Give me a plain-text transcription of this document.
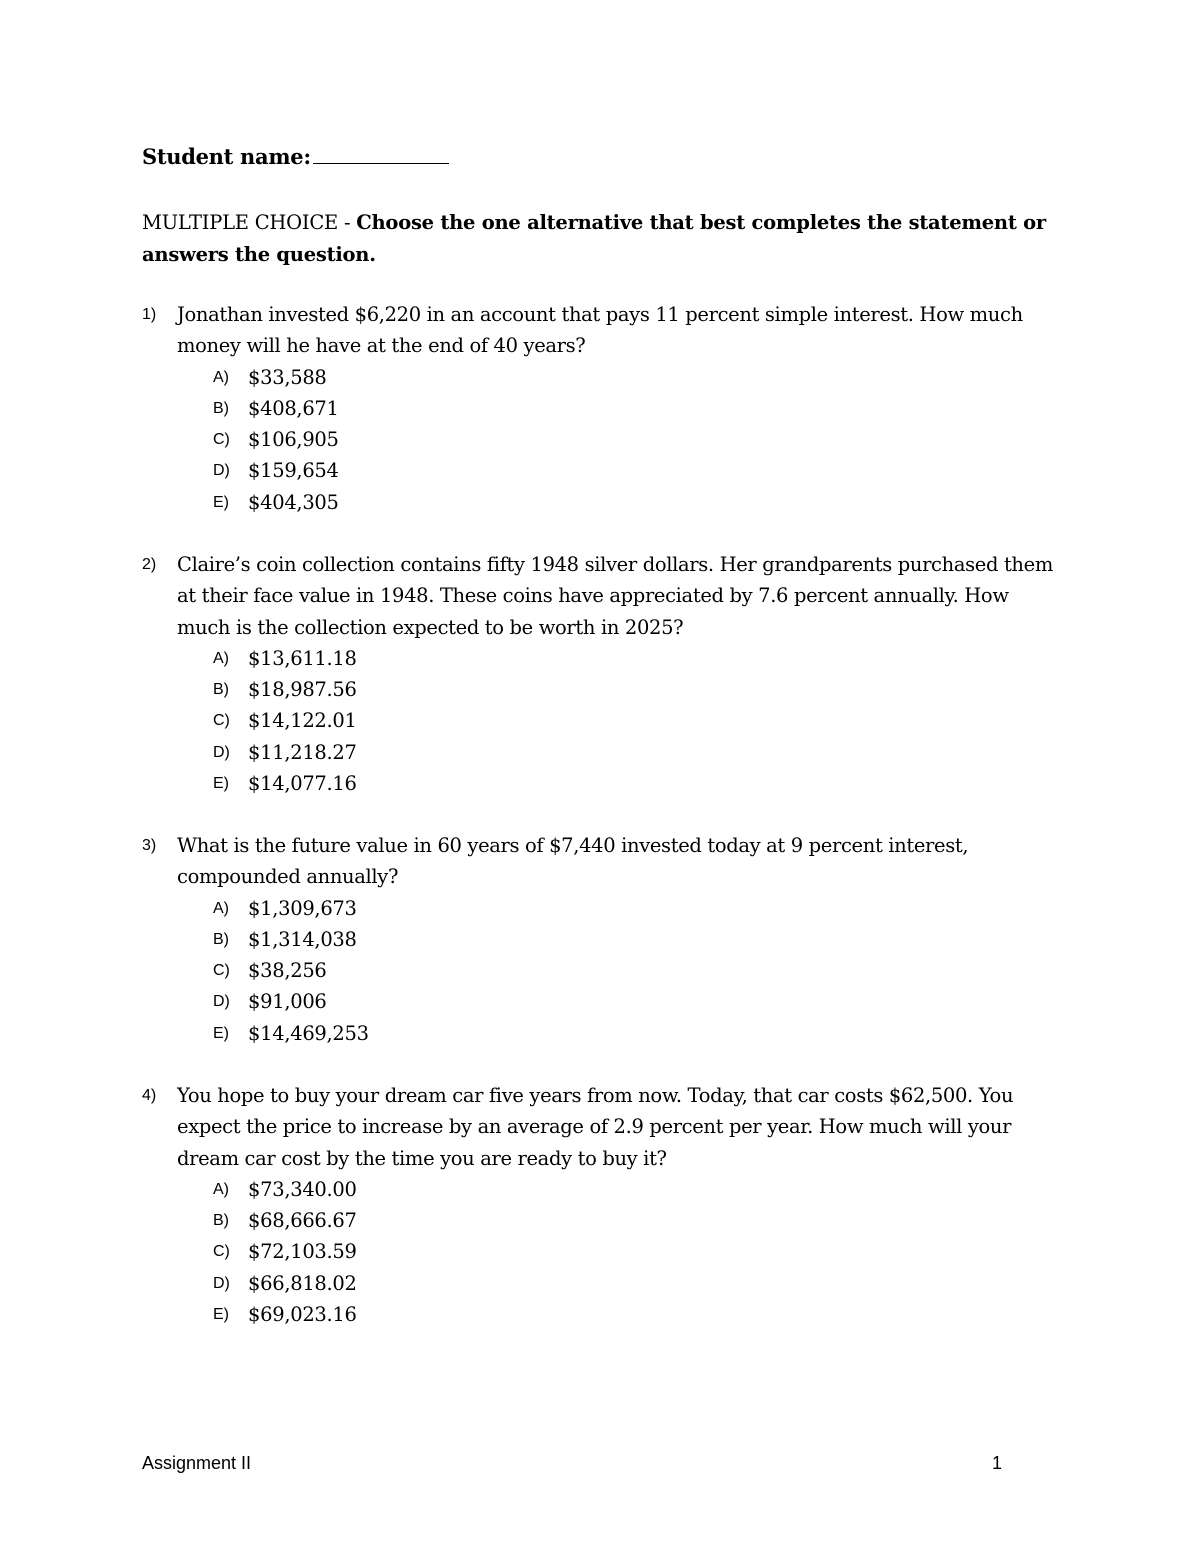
Student name:
MULTIPLE CHOICE - Choose the one alternative that best completes the statement or answers the question.
1) Jonathan invested $6,220 in an account that pays 11 percent simple interest. How much money will he have at the end of 40 years?
A) $33,588
B) $408,671
C) $106,905
D) $159,654
E) $404,305
2) Claire’s coin collection contains fifty 1948 silver dollars. Her grandparents purchased them at their face value in 1948. These coins have appreciated by 7.6 percent annually. How much is the collection expected to be worth in 2025?
A) $13,611.18
B) $18,987.56
C) $14,122.01
D) $11,218.27
E) $14,077.16
3) What is the future value in 60 years of $7,440 invested today at 9 percent interest, compounded annually?
A) $1,309,673
B) $1,314,038
C) $38,256
D) $91,006
E) $14,469,253
4) You hope to buy your dream car five years from now. Today, that car costs $62,500. You expect the price to increase by an average of 2.9 percent per year. How much will your dream car cost by the time you are ready to buy it?
A) $73,340.00
B) $68,666.67
C) $72,103.59
D) $66,818.02
E) $69,023.16
Assignment II	1
